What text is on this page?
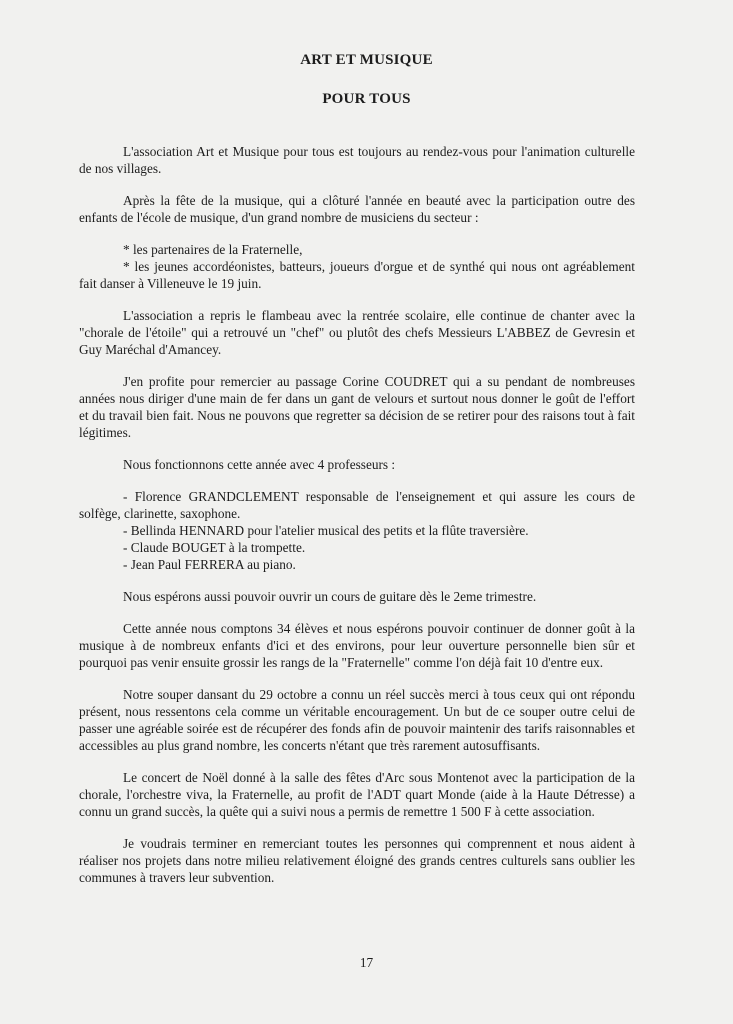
ART ET MUSIQUE
POUR TOUS

L'association Art et Musique pour tous est toujours au rendez-vous pour l'animation culturelle de nos villages.

Après la fête de la musique, qui a clôturé l'année en beauté avec la participation outre des enfants de l'école de musique, d'un grand nombre de musiciens du secteur :

* les partenaires de la Fraternelle,

* les jeunes accordéonistes, batteurs, joueurs d'orgue et de synthé qui nous ont agréablement fait danser à Villeneuve le 19 juin.

L'association a repris le flambeau avec la rentrée scolaire, elle continue de chanter avec la "chorale de l'étoile" qui a retrouvé un "chef" ou plutôt des chefs Messieurs L'ABBEZ de Gevresin et Guy Maréchal d'Amancey.

J'en profite pour remercier au passage Corine COUDRET qui a su pendant de nombreuses années nous diriger d'une main de fer dans un gant de velours et surtout nous donner le goût de l'effort et du travail bien fait. Nous ne pouvons que regretter sa décision de se retirer pour des raisons tout à fait légitimes.

Nous fonctionnons cette année avec 4 professeurs :

- Florence GRANDCLEMENT responsable de l'enseignement et qui assure les cours de solfège, clarinette, saxophone.

- Bellinda HENNARD pour l'atelier musical des petits et la flûte traversière.

- Claude BOUGET à la trompette.

- Jean Paul FERRERA au piano.

Nous espérons aussi pouvoir ouvrir un cours de guitare dès le 2eme trimestre.

Cette année nous comptons 34 élèves et nous espérons pouvoir continuer de donner goût à la musique à de nombreux enfants d'ici et des environs, pour leur ouverture personnelle bien sûr et pourquoi pas venir ensuite grossir les rangs de la "Fraternelle" comme l'on déjà fait 10 d'entre eux.

Notre souper dansant du 29 octobre a connu un réel succès merci à tous ceux qui ont répondu présent, nous ressentons cela comme un véritable encouragement. Un but de ce souper outre celui de passer une agréable soirée est de récupérer des fonds afin de pouvoir maintenir des tarifs raisonnables et accessibles au plus grand nombre, les concerts n'étant que très rarement autosuffisants.

Le concert de Noël donné à la salle des fêtes d'Arc sous Montenot avec la participation de la chorale, l'orchestre viva, la Fraternelle, au profit de l'ADT quart Monde (aide à la Haute Détresse) a connu un grand succès, la quête qui a suivi nous a permis de remettre 1 500 F à cette association.

Je voudrais terminer en remerciant toutes les personnes qui comprennent et nous aident à réaliser nos projets dans notre milieu relativement éloigné des grands centres culturels sans oublier les communes à travers leur subvention.

17
